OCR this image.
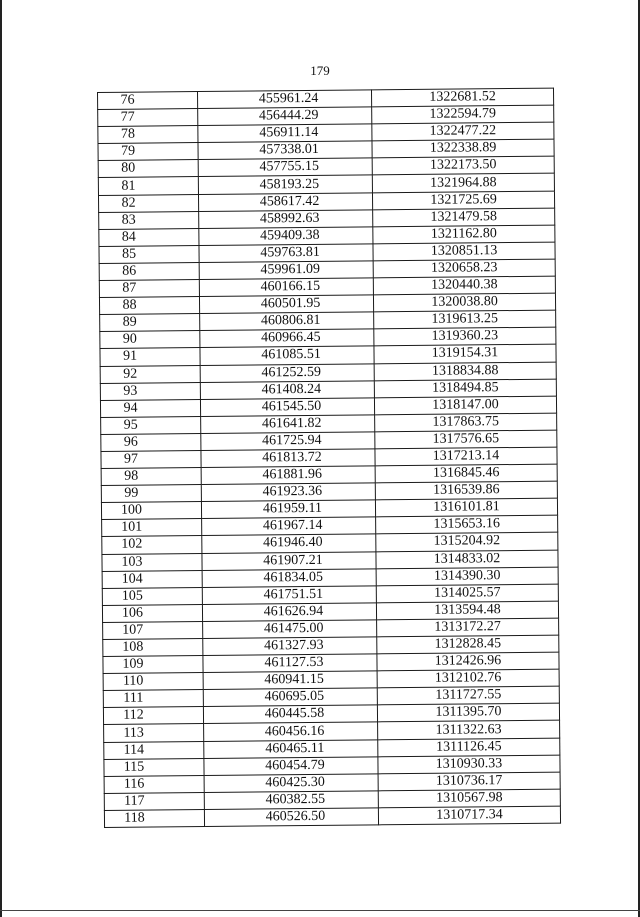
179
76	455961.24	1322681.52
77	456444.29	1322594.79
78	456911.14	1322477.22
79	457338.01	1322338.89
80	457755.15	1322173.50
81	458193.25	1321964.88
82	458617.42	1321725.69
83	458992.63	1321479.58
84	459409.38	1321162.80
85	459763.81	1320851.13
86	459961.09	1320658.23
87	460166.15	1320440.38
88	460501.95	1320038.80
89	460806.81	1319613.25
90	460966.45	1319360.23
91	461085.51	1319154.31
92	461252.59	1318834.88
93	461408.24	1318494.85
94	461545.50	1318147.00
95	461641.82	1317863.75
96	461725.94	1317576.65
97	461813.72	1317213.14
98	461881.96	1316845.46
99	461923.36	1316539.86
100	461959.11	1316101.81
101	461967.14	1315653.16
102	461946.40	1315204.92
103	461907.21	1314833.02
104	461834.05	1314390.30
105	461751.51	1314025.57
106	461626.94	1313594.48
107	461475.00	1313172.27
108	461327.93	1312828.45
109	461127.53	1312426.96
110	460941.15	1312102.76
111	460695.05	1311727.55
112	460445.58	1311395.70
113	460456.16	1311322.63
114	460465.11	1311126.45
115	460454.79	1310930.33
116	460425.30	1310736.17
117	460382.55	1310567.98
118	460526.50	1310717.34
